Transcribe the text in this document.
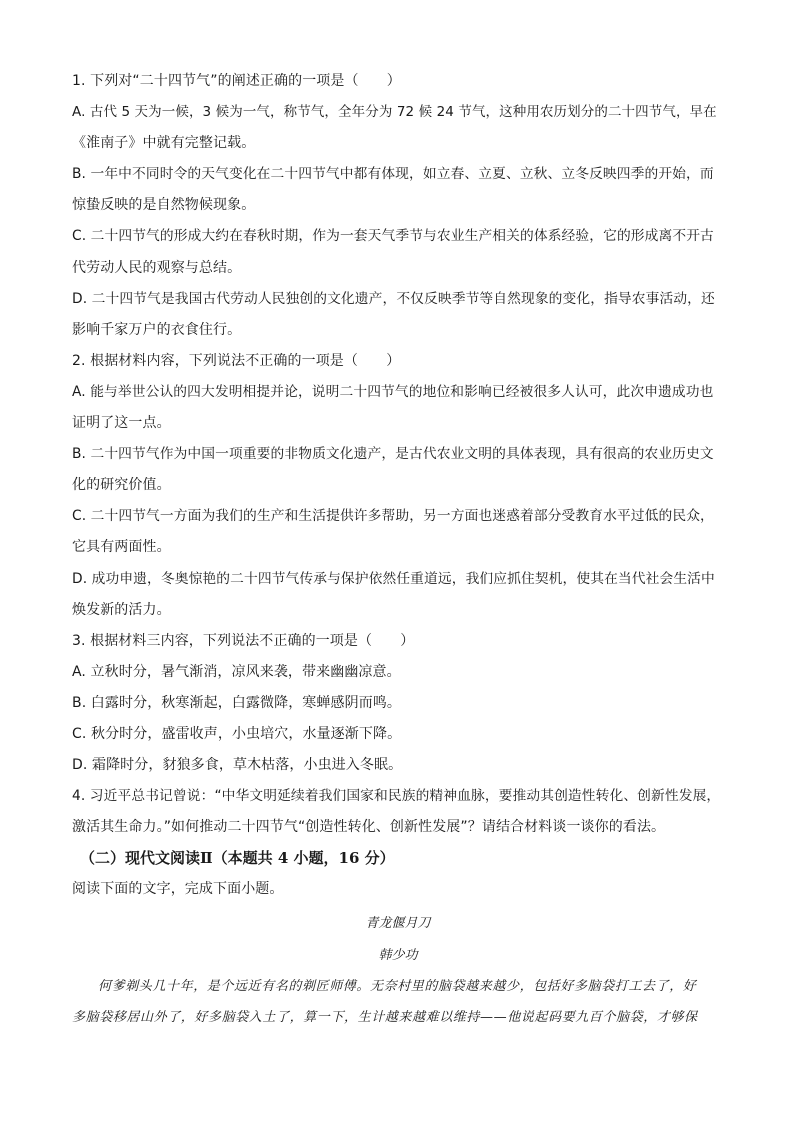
1. 下列对“二十四节气”的阐述正确的一项是（　　）
A. 古代 5 天为一候，3 候为一气，称节气，全年分为 72 候 24 节气，这种用农历划分的二十四节气，早在
《淮南子》中就有完整记载。
B. 一年中不同时令的天气变化在二十四节气中都有体现，如立春、立夏、立秋、立冬反映四季的开始，而
惊蛰反映的是自然物候现象。
C. 二十四节气的形成大约在春秋时期，作为一套天气季节与农业生产相关的体系经验，它的形成离不开古
代劳动人民的观察与总结。
D. 二十四节气是我国古代劳动人民独创的文化遗产，不仅反映季节等自然现象的变化，指导农事活动，还
影响千家万户的衣食住行。
2. 根据材料内容，下列说法不正确的一项是（　　）
A. 能与举世公认的四大发明相提并论，说明二十四节气的地位和影响已经被很多人认可，此次申遗成功也
证明了这一点。
B. 二十四节气作为中国一项重要的非物质文化遗产，是古代农业文明的具体表现，具有很高的农业历史文
化的研究价值。
C. 二十四节气一方面为我们的生产和生活提供许多帮助，另一方面也迷惑着部分受教育水平过低的民众，
它具有两面性。
D. 成功申遗，冬奥惊艳的二十四节气传承与保护依然任重道远，我们应抓住契机，使其在当代社会生活中
焕发新的活力。
3. 根据材料三内容，下列说法不正确的一项是（　　）
A. 立秋时分，暑气渐消，凉风来袭，带来幽幽凉意。
B. 白露时分，秋寒渐起，白露微降，寒蝉感阴而鸣。
C. 秋分时分，盛雷收声，小虫培穴，水量逐渐下降。
D. 霜降时分，豺狼多食，草木枯落，小虫进入冬眠。
4. 习近平总书记曾说：“中华文明延续着我们国家和民族的精神血脉，要推动其创造性转化、创新性发展，
激活其生命力。”如何推动二十四节气“创造性转化、创新性发展”？请结合材料谈一谈你的看法。
（二）现代文阅读Ⅱ（本题共 4 小题，16 分）
阅读下面的文字，完成下面小题。
青龙偃月刀
韩少功
何爹剃头几十年，是个远近有名的剃匠师傅。无奈村里的脑袋越来越少，包括好多脑袋打工去了，好
多脑袋移居山外了，好多脑袋入土了，算一下，生计越来越难以维持——他说起码要九百个脑袋，才够保
